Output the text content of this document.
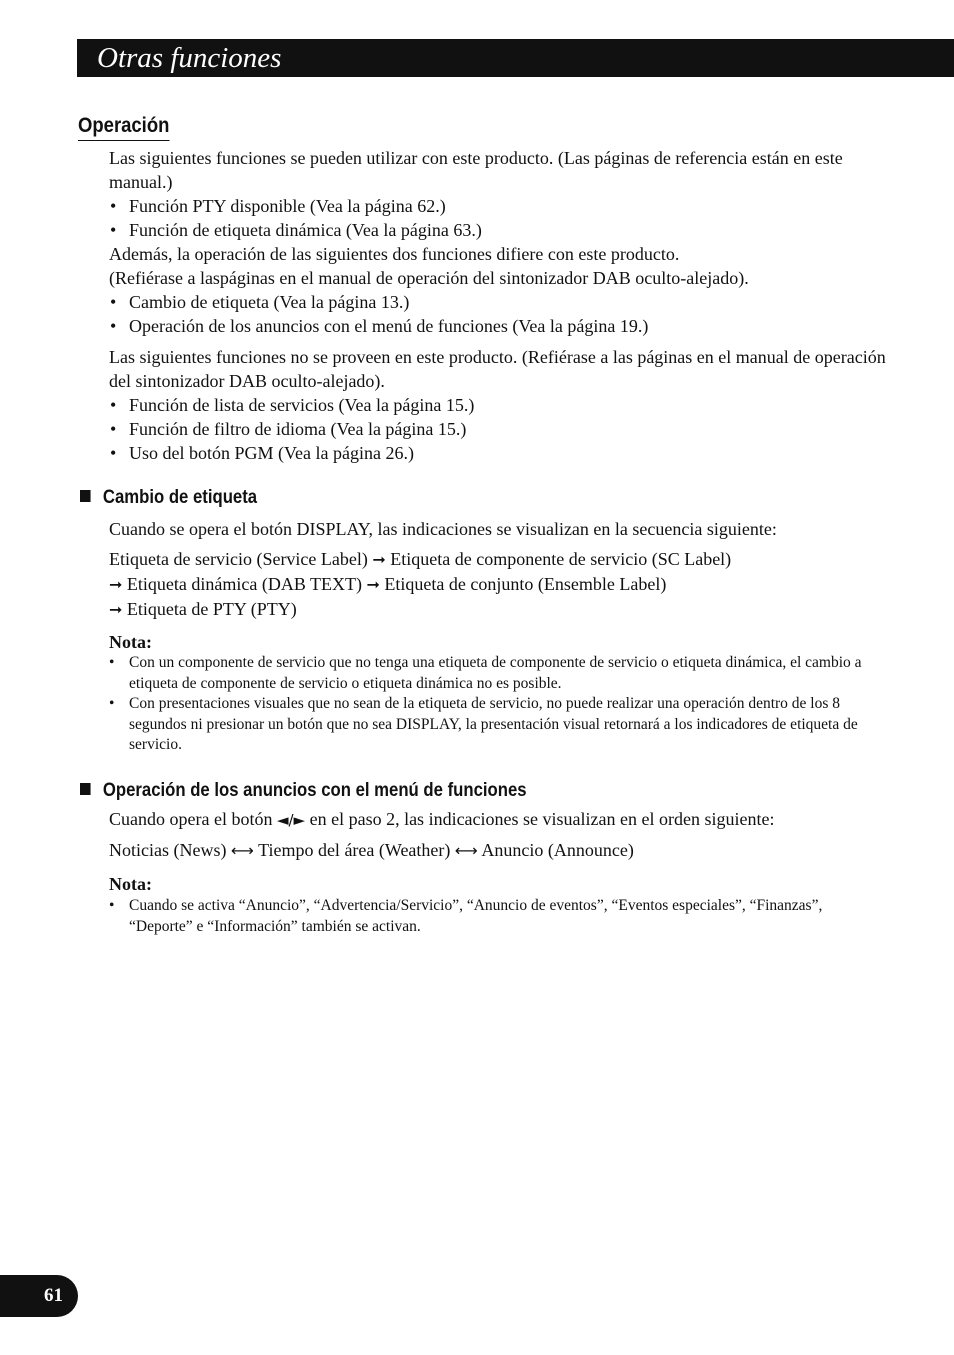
Otras funciones
Operación

Las siguientes funciones se pueden utilizar con este producto. (Las páginas de referencia están en este manual.)

• Función PTY disponible (Vea la página 62.)
• Función de etiqueta dinámica (Vea la página 63.)

Además, la operación de las siguientes dos funciones difiere con este producto.

(Refiérase a laspáginas en el manual de operación del sintonizador DAB oculto-alejado).

• Cambio de etiqueta (Vea la página 13.)
• Operación de los anuncios con el menú de funciones (Vea la página 19.)

Las siguientes funciones no se proveen en este producto. (Refiérase a las páginas en el manual de operación del sintonizador DAB oculto-alejado).

• Función de lista de servicios (Vea la página 15.)
• Función de filtro de idioma (Vea la página 15.)
• Uso del botón PGM (Vea la página 26.)
Cambio de etiqueta

Cuando se opera el botón DISPLAY, las indicaciones se visualizan en la secuencia siguiente:

Etiqueta de servicio (Service Label) ➞ Etiqueta de componente de servicio (SC Label)
➞ Etiqueta dinámica (DAB TEXT) ➞ Etiqueta de conjunto (Ensemble Label)
➞ Etiqueta de PTY (PTY)

Nota:
• Con un componente de servicio que no tenga una etiqueta de componente de servicio o etiqueta dinámica, el cambio a etiqueta de componente de servicio o etiqueta dinámica no es posible.
• Con presentaciones visuales que no sean de la etiqueta de servicio, no puede realizar una operación dentro de los 8 segundos ni presionar un botón que no sea DISPLAY, la presentación visual retornará a los indicadores de etiqueta de servicio.
Operación de los anuncios con el menú de funciones

Cuando opera el botón ◄/► en el paso 2, las indicaciones se visualizan en el orden siguiente:

Noticias (News) ⟷ Tiempo del área (Weather) ⟷ Anuncio (Announce)

Nota:
• Cuando se activa “Anuncio”, “Advertencia/Servicio”, “Anuncio de eventos”, “Eventos especiales”, “Finanzas”, “Deporte” e “Información” también se activan.
61
